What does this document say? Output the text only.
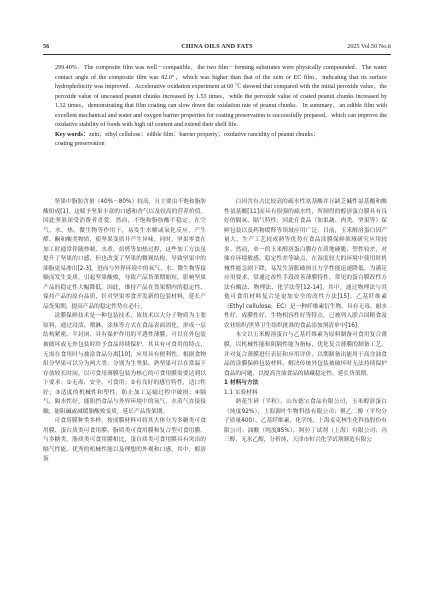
56	CHINA OILS AND FATS	2025 Vol.50 No.6

299.40%．The composite film was well－compatible，the two film－forming substrates were physically compounded．The water contact angle of the composite film was 82.0°，which was higher than that of the zein or EC film，indicating that its surface hydrophobicity was improved．Accelerative oxidation experiment at 60 ℃ showed that compared with the initial peroxide value，the peroxide value of uncoated peanut chunks increased by 1.53 times，while the peroxide value of coated peanut chunks increased by 1.32 times，demonstrating that film coating can slow down the oxidation rate of peanut chunks．In summary，an edible film with excellent mechanical and water and oxygen barrier properties for coating preservation is successfully prepared，which can improve the oxidative stability of foods with high oil content and extend their shelf life.

Key words：zein；ethyl cellulose；edible film；barrier property；oxidative rancidity of peanut chunks；
coating preservation

坚果中脂肪含量（40%～80%）较高，且主要由不饱和脂肪酸组成[1]，这赋予坚果丰富的口感和香气以及较高的营养价值，因此坚果深受消费者喜爱。然而，不饱和脂肪酸不稳定，在空气、水、热、微生物等作用下，易发生水解或氧化反应，产生醛、酮和酸类物质，使坚果变质并产生异味。同时，坚果零食在加工时通常伴随炒制、水煮、焙烤等加热过程，这些加工方法虽提升了坚果的口感，但也改变了坚果的微观结构，导致坚果中的油脂更易渗出[2-3]，进而与外界环境中的氧气、水、微生物等接触而发生变质。引起坚果酸败，导致产品货架期缩短，影响坚果产品的稳定性大幅降低。因此，维持产品在货架期内的稳定性、保持产品的原有品质，针对坚果零食开发新的包装材料，延长产品货架期，提高产品的稳定性势在必行。

涂膜保鲜技术是一种包装技术，该技术以大分子物质为主要原料，通过浸渍、喷淋、涂抹等方式在食品表面固化，形成一层结构紧密、半封闭、具有保护作用的半透性薄膜，可以在外包装被破坏或无外包装时给予食品持续保护，其具有可食用的特点，无需在食用时与被涂食品分离[10]，应用具有便利性。根据食物组分坚果可以分为两大类：分别为生坚果、熟坚果可以在常温下存放较长时间，以可食用薄膜包装为核心的可食用膜需要达到以下要求：①无毒、安全、可食用；②有良好的感官特性，适口性好；③适度的机械性和塑性，防止加工运输过程中破损；④隔气、隔水性好，能阻挡食品与外界环境中的氧气、水蒸气直接接触，能阻碱或减缓脂酸败变质，延长产品货架期。

可食用膜种类多样，按成膜材料可将其大体分为多糖类可食用膜、蛋白质类可食用膜、脂质类可食用膜和复合型可食用膜。与多糖类、脂质类可食用膜相比，蛋白质类可食用膜具有突出的隔气性能、优秀的机械性能以及理想的外观和口感，其中，醇溶蛋

白因含有占比较高的疏水性氨基酸并且缺乏碱性氨基酸和酸性氨基酸[11]而具有很强的疏水性，所制得的醇溶蛋白膜具有良好的隔氧、隔气特性，因此在食品（如果蔬、肉类、坚果等）保鲜包装以及药物缓释等领域应用广泛。目前，玉米醇溶蛋白因产量大、生产工艺较成熟等优势在食品涂膜保鲜领域研究应用较多。然而，单一的玉米醇溶蛋白膜存在质地硬脆、塑性较差，对储存环境敏感、稳定性差等缺点，在湿度较大的环境中使用时机械性能急剧下降，易发生溶胀破损且力学性能迅速降低。为满足应用要求，常通过改性手段改善薄膜特性。常见的蛋白膜改性方法有酶法、物理法、化学法等[12-14]，其中，通过物理法与其他可食用材料复合是更加安全的改性方法[15]。乙基纤维素（Ethyl cellulose，EC）是一种纤维素衍生物，具有无毒、耐水性好、成膜性好、生物相容性好等特点，已被列入联合国粮食及农业组织/世界卫生组织批准的食品添加剂清单中[16]。

本文以玉米醇溶蛋白与乙基纤维素为原料制备可食用复合薄膜，以机械性能和阻隔性能为指标，优化复合薄膜的制备工艺，并对复合薄膜进行表征和应用评价，以期制备出能用于高含油食品的涂膜保鲜包装材料，解决传统外包装被破坏时无法持续保护食品的问题，以提高含油食品的储藏稳定性，延长货架期。

1 材料与方法

1.1 实验材料

熟花生碎（半粒），山东德宝食品有限公司，玉米醇溶蛋白（纯度92%），上海源叶生物科技有限公司；聚乙二醇（平均分子质量400）、乙基纤维素，化学纯，上海麦克林生化科技股份有限公司；油酸（纯度85%），阿拉丁试剂（上海）有限公司；丙三醇，无水乙醇，分析纯，天津市恒兴化学试剂制造有限公
